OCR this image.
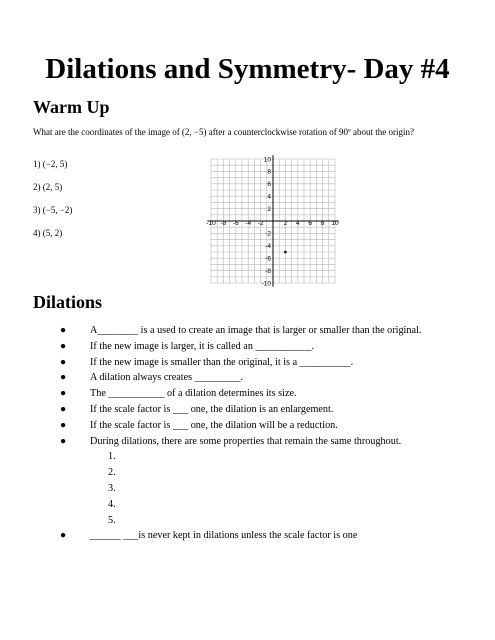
Dilations and Symmetry- Day #4
Warm Up
What are the coordinates of the image of (2, −5) after a counterclockwise rotation of 90º about the origin?
1) (−2, 5)
2) (2, 5)
3) (−5, −2)
4) (5, 2)
-10 -8 -6 -4 -2	2 4 6 8 10
10
8
6
4
2
-2
-4
-6
-8
-10
Dilations
● A________ is a used to create an image that is larger or smaller than the original.
● If the new image is larger, it is called an ___________.
● If the new image is smaller than the original, it is a __________.
● A dilation always creates _________.
● The ___________ of a dilation determines its size.
● If the scale factor is ___ one, the dilation is an enlargement.
● If the scale factor is ___ one, the dilation will be a reduction.
● During dilations, there are some properties that remain the same throughout.
1.
2.
3.
4.
5.
● ______ ___is never kept in dilations unless the scale factor is one
